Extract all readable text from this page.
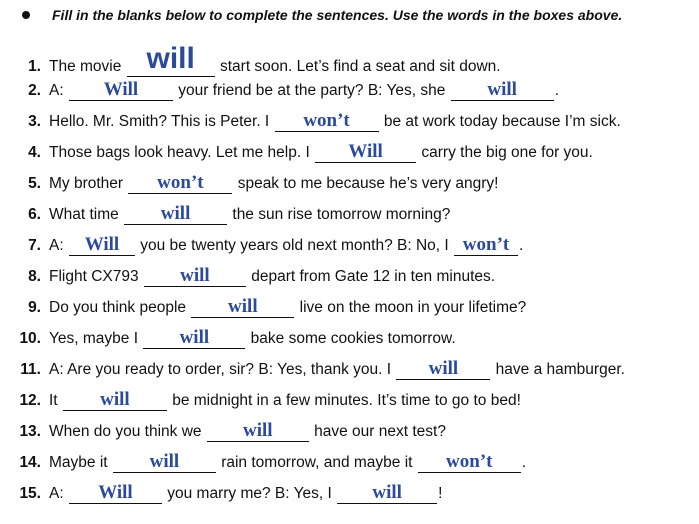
Fill in the blanks below to complete the sentences. Use the words in the boxes above.
1. The movie will start soon. Let’s find a seat and sit down.
2. A: Will your friend be at the party? B: Yes, she will .
3. Hello. Mr. Smith? This is Peter. I won’t be at work today because I’m sick.
4. Those bags look heavy. Let me help. I Will carry the big one for you.
5. My brother won’t speak to me because he’s very angry!
6. What time will the sun rise tomorrow morning?
7. A: Will you be twenty years old next month? B: No, I won’t .
8. Flight CX793 will depart from Gate 12 in ten minutes.
9. Do you think people will live on the moon in your lifetime?
10. Yes, maybe I will bake some cookies tomorrow.
11. A: Are you ready to order, sir? B: Yes, thank you. I will have a hamburger.
12. It will be midnight in a few minutes. It’s time to go to bed!
13. When do you think we will have our next test?
14. Maybe it will rain tomorrow, and maybe it won’t .
15. A: Will you marry me? B: Yes, I will !
